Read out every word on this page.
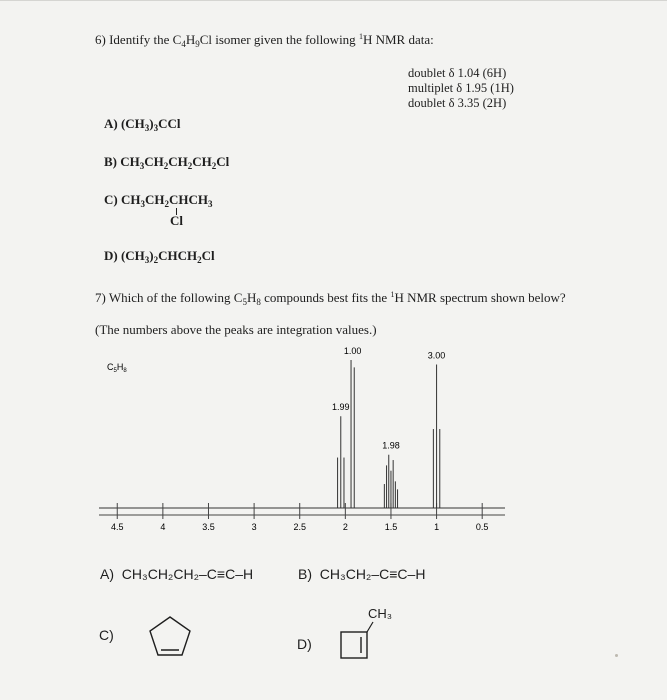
6) Identify the $C_4H_9Cl$ isomer given the following $^1$H NMR data:
doublet δ 1.04 (6H)
multiplet δ 1.95 (1H)
doublet δ 3.35 (2H)
A) $(CH_3)_3CCl$
B) $CH_3CH_2CH_2CH_2Cl$
C) $CH_3CH_2CHCH_3$
Cl
D) $(CH_3)_2CHCH_2Cl$
7) Which of the following $C_5H_8$ compounds best fits the $^1$H NMR spectrum shown below?
(The numbers above the peaks are integration values.)
$C_5H_8$
4.5	4	3.5	3	2.5	2	1.5	1	0.5
1.99
1.00
1.98
3.00
A) CH₃CH₂CH₂–C≡C–H	B) CH₃CH₂–C≡C–H
C)
D)
CH₃
